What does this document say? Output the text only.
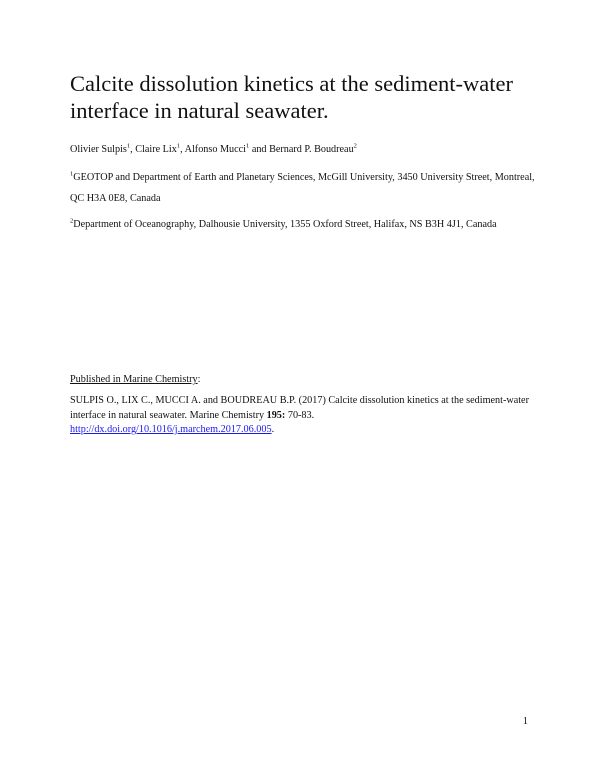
Calcite dissolution kinetics at the sediment-water interface in natural seawater.
Olivier Sulpis$^1$, Claire Lix$^1$, Alfonso Mucci$^1$ and Bernard P. Boudreau$^2$
$^1$GEOTOP and Department of Earth and Planetary Sciences, McGill University, 3450 University Street, Montreal, QC H3A 0E8, Canada
$^2$Department of Oceanography, Dalhousie University, 1355 Oxford Street, Halifax, NS B3H 4J1, Canada
Published in Marine Chemistry:
SULPIS O., LIX C., MUCCI A. and BOUDREAU B.P. (2017) Calcite dissolution kinetics at the sediment-water interface in natural seawater. Marine Chemistry 195: 70-83.
http://dx.doi.org/10.1016/j.marchem.2017.06.005.
1
